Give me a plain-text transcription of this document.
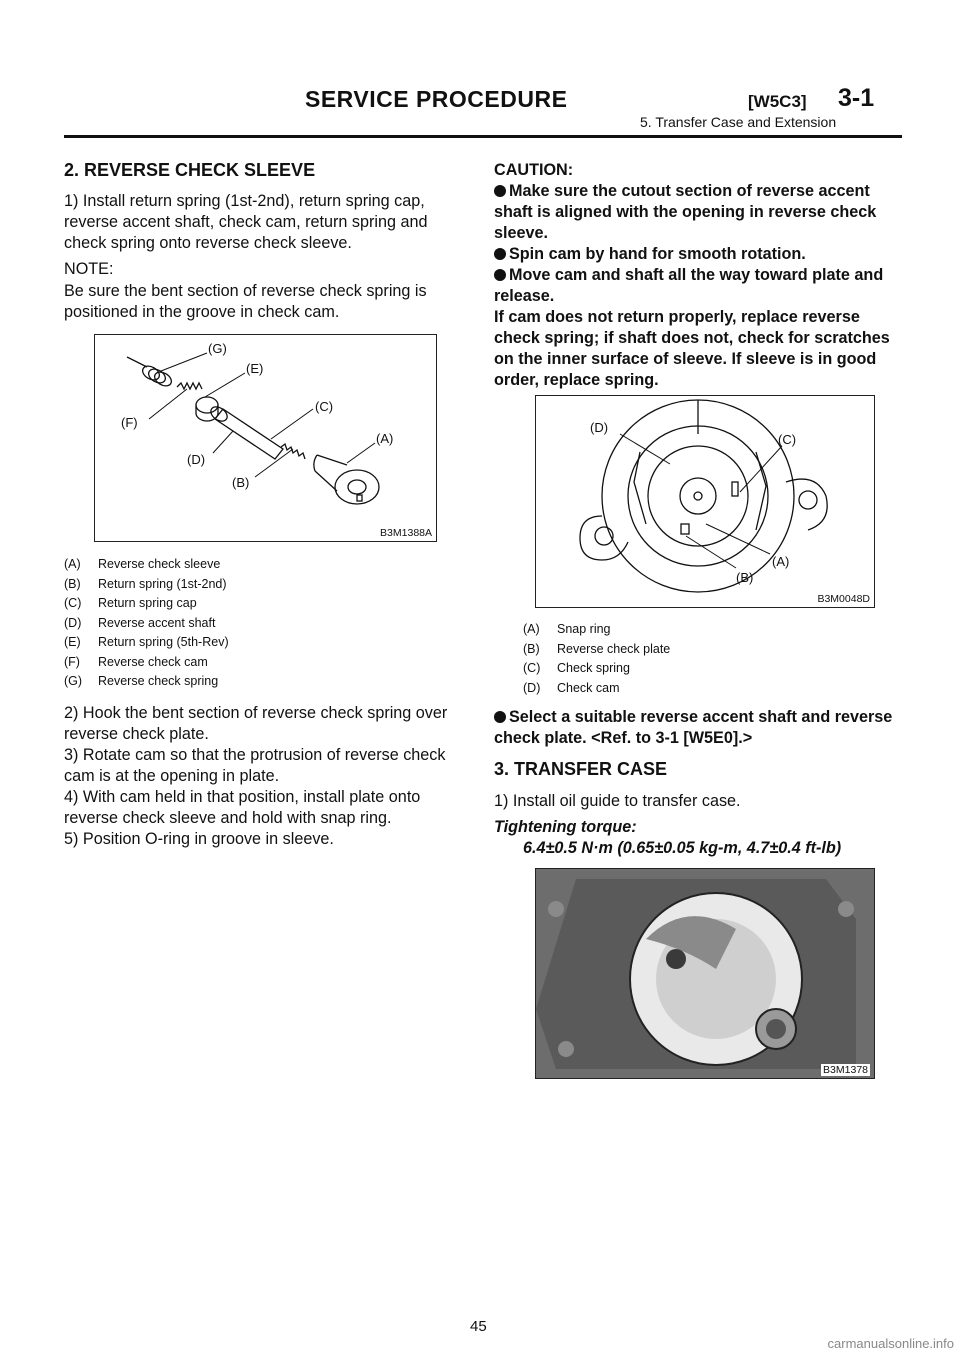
SERVICE PROCEDURE	[W5C3] 3-1
5. Transfer Case and Extension
2. REVERSE CHECK SLEEVE
1) Install return spring (1st-2nd), return spring cap, reverse accent shaft, check cam, return spring and check spring onto reverse check sleeve.
NOTE:
Be sure the bent section of reverse check spring is positioned in the groove in check cam.
(G)
(E)
(F)
(C)
(D)
(B)
(A)
B3M1388A
(A) Reverse check sleeve
(B) Return spring (1st-2nd)
(C) Return spring cap
(D) Reverse accent shaft
(E) Return spring (5th-Rev)
(F) Reverse check cam
(G) Reverse check spring
2) Hook the bent section of reverse check spring over reverse check plate.
3) Rotate cam so that the protrusion of reverse check cam is at the opening in plate.
4) With cam held in that position, install plate onto reverse check sleeve and hold with snap ring.
5) Position O-ring in groove in sleeve.
CAUTION:
Make sure the cutout section of reverse accent shaft is aligned with the opening in reverse check sleeve.
Spin cam by hand for smooth rotation.
Move cam and shaft all the way toward plate and release.
If cam does not return properly, replace reverse check spring; if shaft does not, check for scratches on the inner surface of sleeve. If sleeve is in good order, replace spring.
(D)
(C)
(A)
(B)
B3M0048D
(A) Snap ring
(B) Reverse check plate
(C) Check spring
(D) Check cam
Select a suitable reverse accent shaft and reverse check plate. <Ref. to 3-1 [W5E0].>
3. TRANSFER CASE
1) Install oil guide to transfer case.
Tightening torque:
6.4±0.5 N·m (0.65±0.05 kg-m, 4.7±0.4 ft-lb)
B3M1378
45
carmanualsonline.info
